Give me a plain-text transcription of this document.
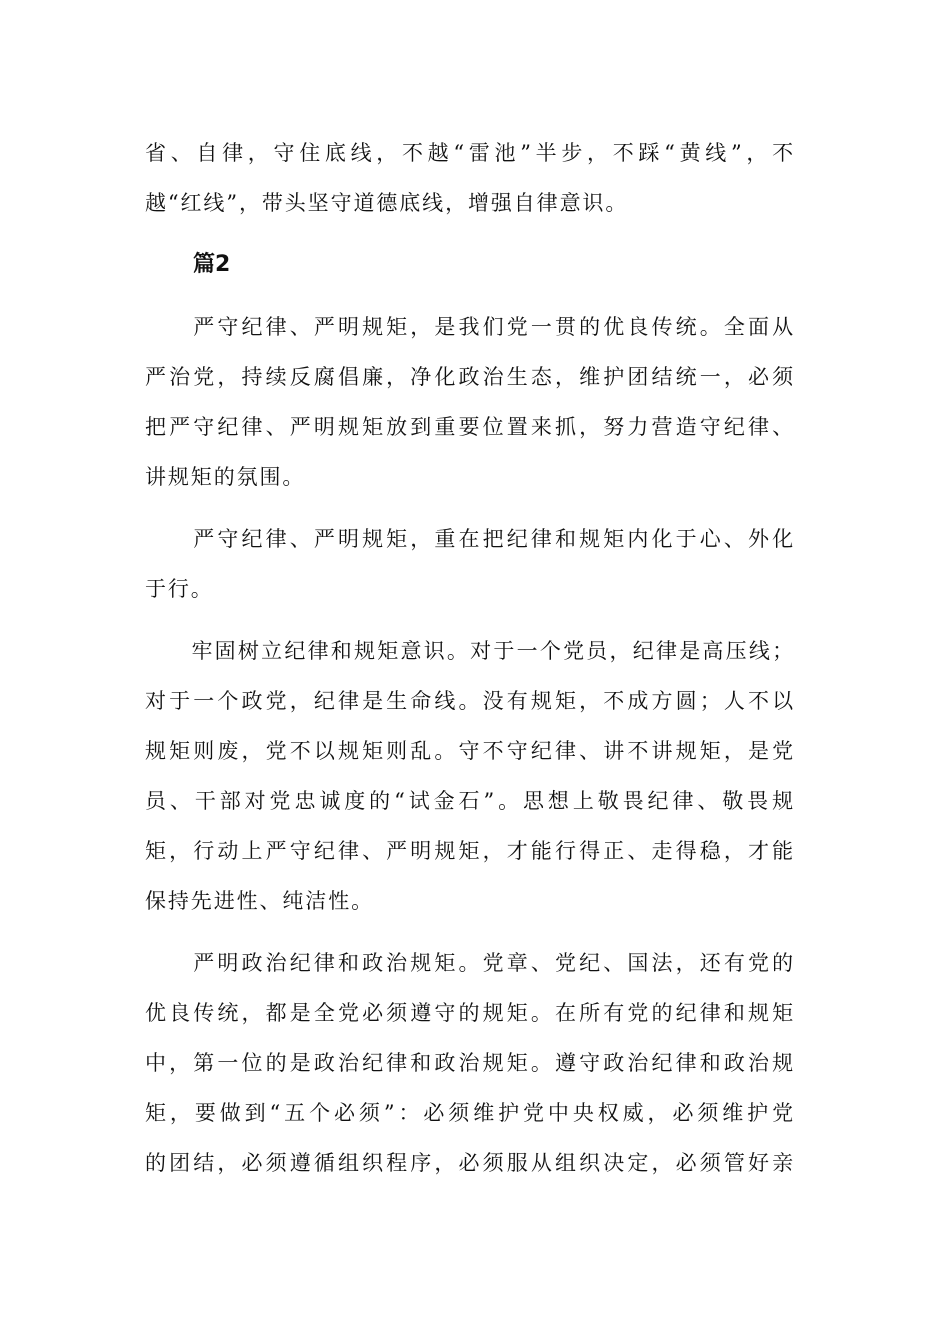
省、自律，守住底线，不越“雷池”半步，不踩“黄线”，不
越“红线”，带头坚守道德底线，增强自律意识。
篇2
　　严守纪律、严明规矩，是我们党一贯的优良传统。全面从
严治党，持续反腐倡廉，净化政治生态，维护团结统一，必须
把严守纪律、严明规矩放到重要位置来抓，努力营造守纪律、
讲规矩的氛围。
　　严守纪律、严明规矩，重在把纪律和规矩内化于心、外化
于行。
　　牢固树立纪律和规矩意识。对于一个党员，纪律是高压线；
对于一个政党，纪律是生命线。没有规矩，不成方圆；人不以
规矩则废，党不以规矩则乱。守不守纪律、讲不讲规矩，是党
员、干部对党忠诚度的“试金石”。思想上敬畏纪律、敬畏规
矩，行动上严守纪律、严明规矩，才能行得正、走得稳，才能
保持先进性、纯洁性。
　　严明政治纪律和政治规矩。党章、党纪、国法，还有党的
优良传统，都是全党必须遵守的规矩。在所有党的纪律和规矩
中，第一位的是政治纪律和政治规矩。遵守政治纪律和政治规
矩，要做到“五个必须”：必须维护党中央权威，必须维护党
的团结，必须遵循组织程序，必须服从组织决定，必须管好亲
